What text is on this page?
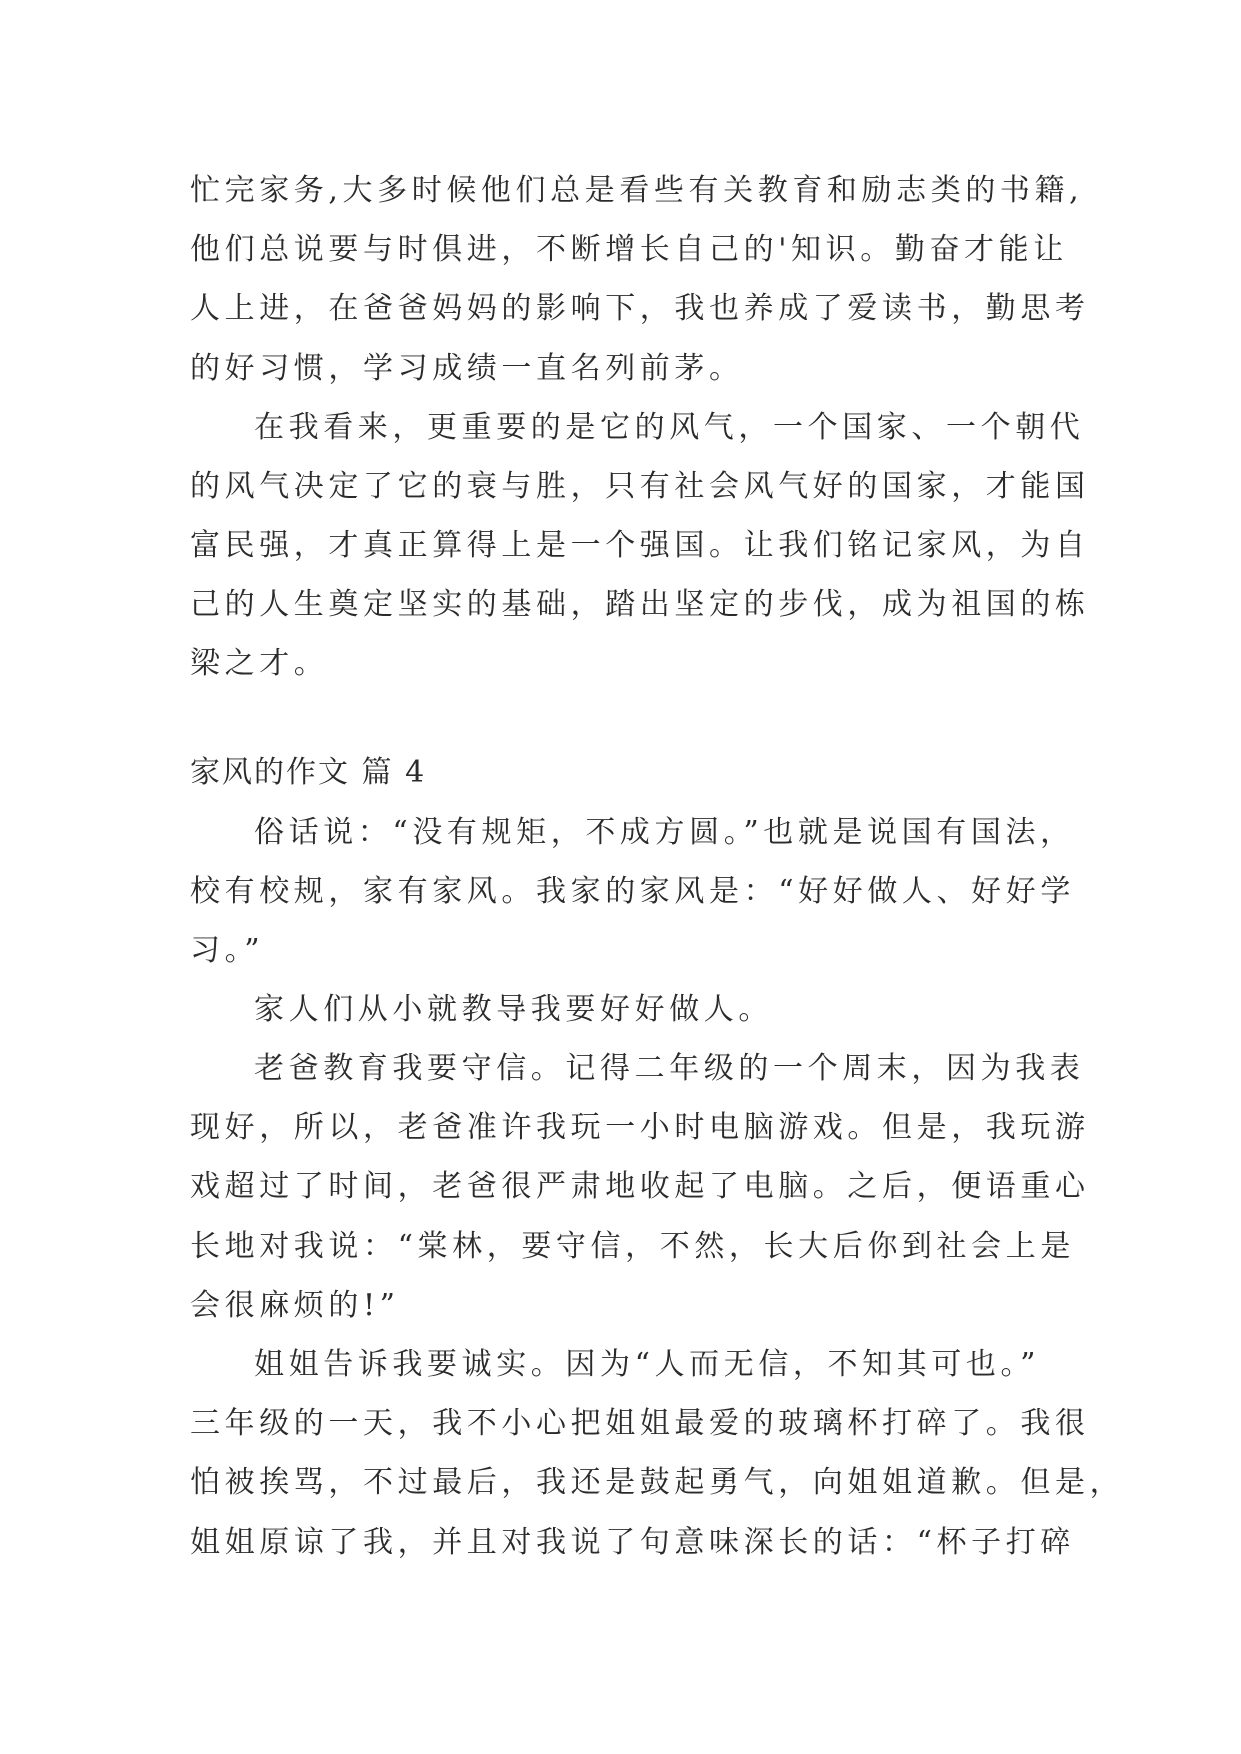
忙完家务,大多时候他们总是看些有关教育和励志类的书籍,
他们总说要与时俱进，不断增长自己的'知识。勤奋才能让
人上进，在爸爸妈妈的影响下，我也养成了爱读书，勤思考
的好习惯，学习成绩一直名列前茅。
在我看来，更重要的是它的风气，一个国家、一个朝代
的风气决定了它的衰与胜，只有社会风气好的国家，才能国
富民强，才真正算得上是一个强国。让我们铭记家风，为自
己的人生奠定坚实的基础，踏出坚定的步伐，成为祖国的栋
梁之才。
家风的作文 篇 4
俗话说：“没有规矩，不成方圆。”也就是说国有国法，
校有校规，家有家风。我家的家风是：“好好做人、好好学
习。”
家人们从小就教导我要好好做人。
老爸教育我要守信。记得二年级的一个周末，因为我表
现好，所以，老爸准许我玩一小时电脑游戏。但是，我玩游
戏超过了时间，老爸很严肃地收起了电脑。之后，便语重心
长地对我说：“棠林，要守信，不然，长大后你到社会上是
会很麻烦的!”
姐姐告诉我要诚实。因为“人而无信，不知其可也。”
三年级的一天，我不小心把姐姐最爱的玻璃杯打碎了。我很
怕被挨骂，不过最后，我还是鼓起勇气，向姐姐道歉。但是，
姐姐原谅了我，并且对我说了句意味深长的话：“杯子打碎
